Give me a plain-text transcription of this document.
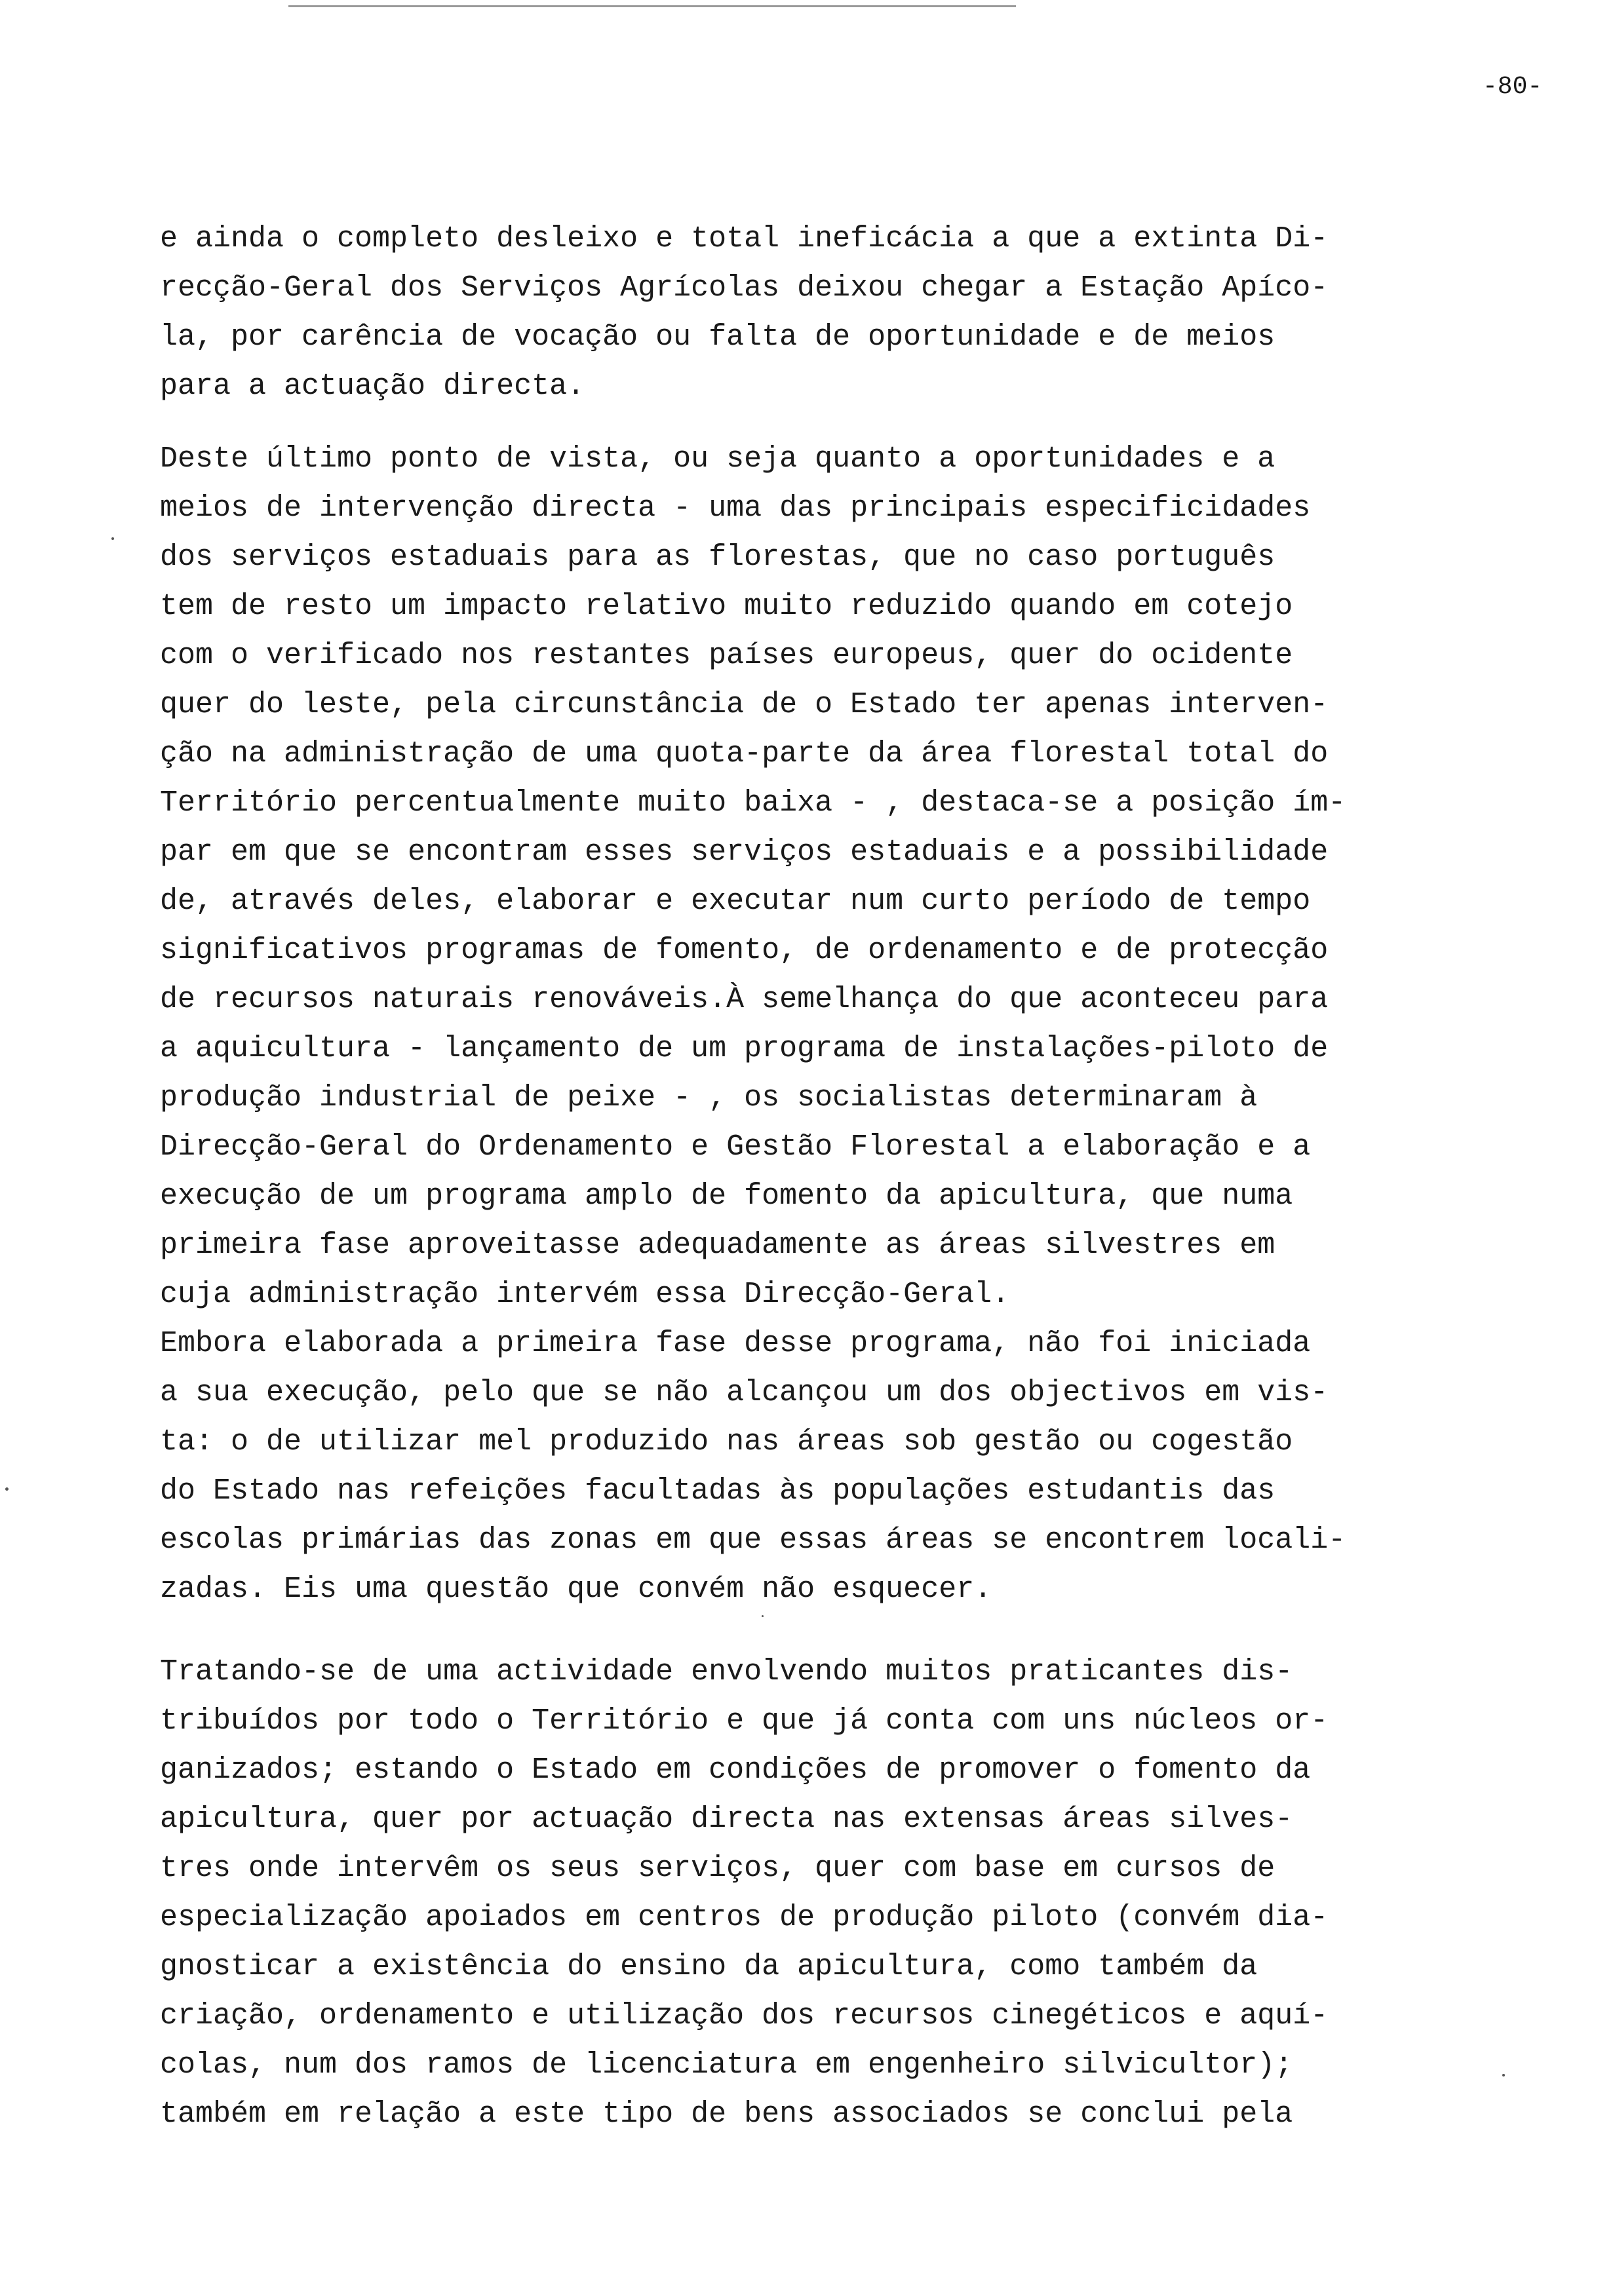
-80-
e ainda o completo desleixo e total ineficácia a que a extinta Di-
recção-Geral dos Serviços Agrícolas deixou chegar a Estação Apíco-
la, por carência de vocação ou falta de oportunidade e de meios
para a actuação directa.
Deste último ponto de vista, ou seja quanto a oportunidades e a
meios de intervenção directa - uma das principais especificidades
dos serviços estaduais para as florestas, que no caso português
tem de resto um impacto relativo muito reduzido quando em cotejo
com o verificado nos restantes países europeus, quer do ocidente
quer do leste, pela circunstância de o Estado ter apenas interven-
ção na administração de uma quota-parte da área florestal total do
Território percentualmente muito baixa - , destaca-se a posição ím-
par em que se encontram esses serviços estaduais e a possibilidade
de, através deles, elaborar e executar num curto período de tempo
significativos programas de fomento, de ordenamento e de protecção
de recursos naturais renováveis.À semelhança do que aconteceu para
a aquicultura - lançamento de um programa de instalações-piloto de
produção industrial de peixe - , os socialistas determinaram à
Direcção-Geral do Ordenamento e Gestão Florestal a elaboração e a
execução de um programa amplo de fomento da apicultura, que numa
primeira fase aproveitasse adequadamente as áreas silvestres em
cuja administração intervém essa Direcção-Geral.
Embora elaborada a primeira fase desse programa, não foi iniciada
a sua execução, pelo que se não alcançou um dos objectivos em vis-
ta: o de utilizar mel produzido nas áreas sob gestão ou cogestão
do Estado nas refeições facultadas às populações estudantis das
escolas primárias das zonas em que essas áreas se encontrem locali-
zadas. Eis uma questão que convém não esquecer.
Tratando-se de uma actividade envolvendo muitos praticantes dis-
tribuídos por todo o Território e que já conta com uns núcleos or-
ganizados; estando o Estado em condições de promover o fomento da
apicultura, quer por actuação directa nas extensas áreas silves-
tres onde intervêm os seus serviços, quer com base em cursos de
especialização apoiados em centros de produção piloto (convém dia-
gnosticar a existência do ensino da apicultura, como também da
criação, ordenamento e utilização dos recursos cinegéticos e aquí-
colas, num dos ramos de licenciatura em engenheiro silvicultor);
também em relação a este tipo de bens associados se conclui pela
